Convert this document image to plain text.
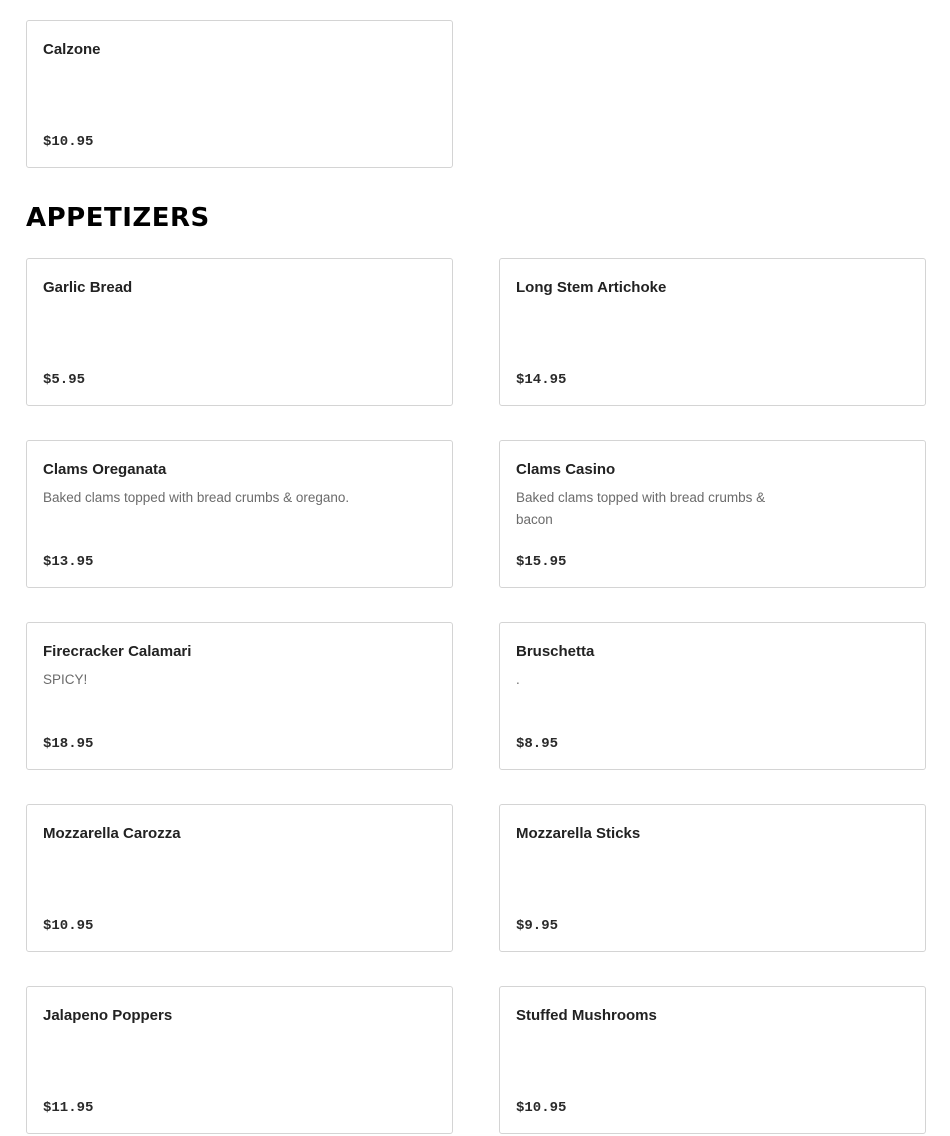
Calzone
$10.95
APPETIZERS
Garlic Bread
$5.95
Long Stem Artichoke
$14.95
Clams Oreganata
Baked clams topped with bread crumbs & oregano.
$13.95
Clams Casino
Baked clams topped with bread crumbs & bacon
$15.95
Firecracker Calamari
SPICY!
$18.95
Bruschetta
.
$8.95
Mozzarella Carozza
$10.95
Mozzarella Sticks
$9.95
Jalapeno Poppers
$11.95
Stuffed Mushrooms
$10.95
